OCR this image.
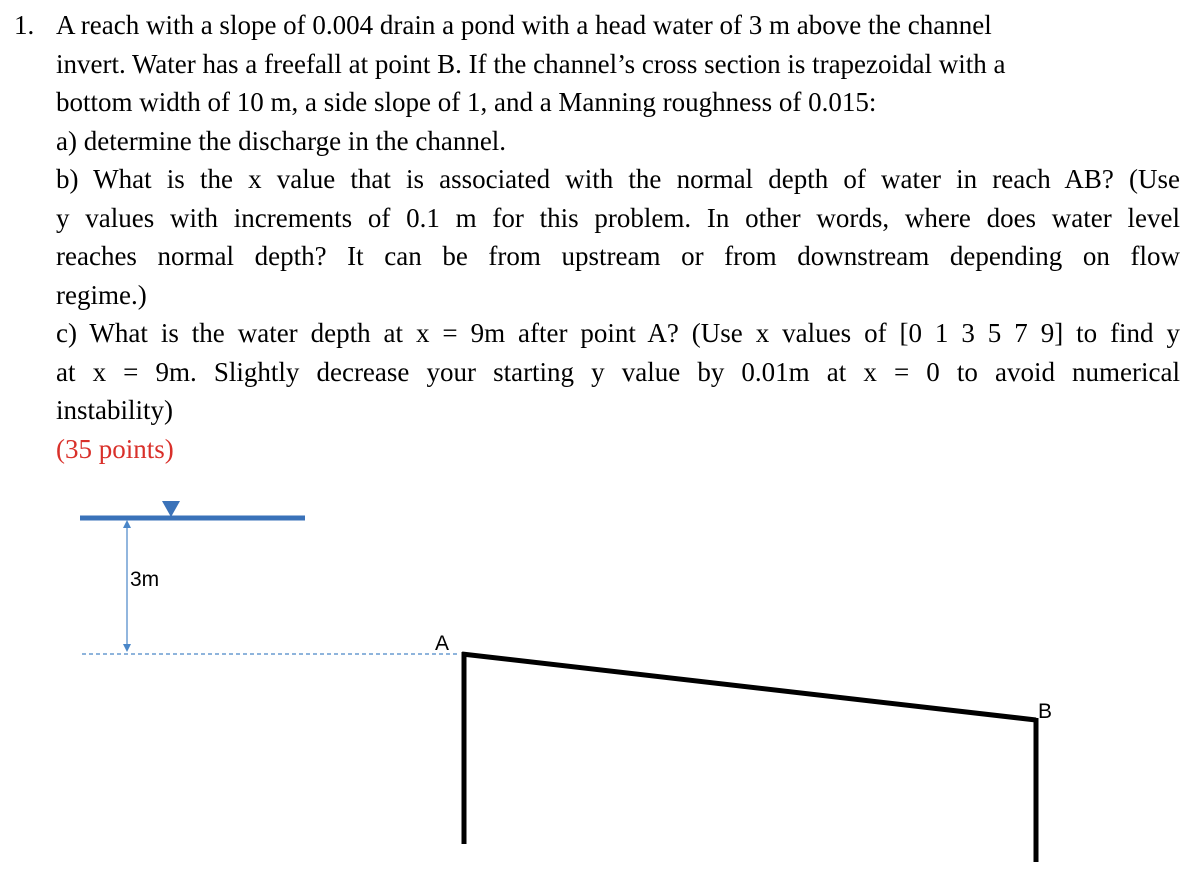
1. A reach with a slope of 0.004 drain a pond with a head water of 3 m above the channel
invert. Water has a freefall at point B. If the channel’s cross section is trapezoidal with a
bottom width of 10 m, a side slope of 1, and a Manning roughness of 0.015:
a) determine the discharge in the channel.
b) What is the x value that is associated with the normal depth of water in reach AB? (Use
y values with increments of 0.1 m for this problem. In other words, where does water level
reaches normal depth? It can be from upstream or from downstream depending on flow
regime.)
c) What is the water depth at x = 9m after point A? (Use x values of [0 1 3 5 7 9] to find y
at x = 9m. Slightly decrease your starting y value by 0.01m at x = 0 to avoid numerical
instability)
(35 points)
3m
A
B
